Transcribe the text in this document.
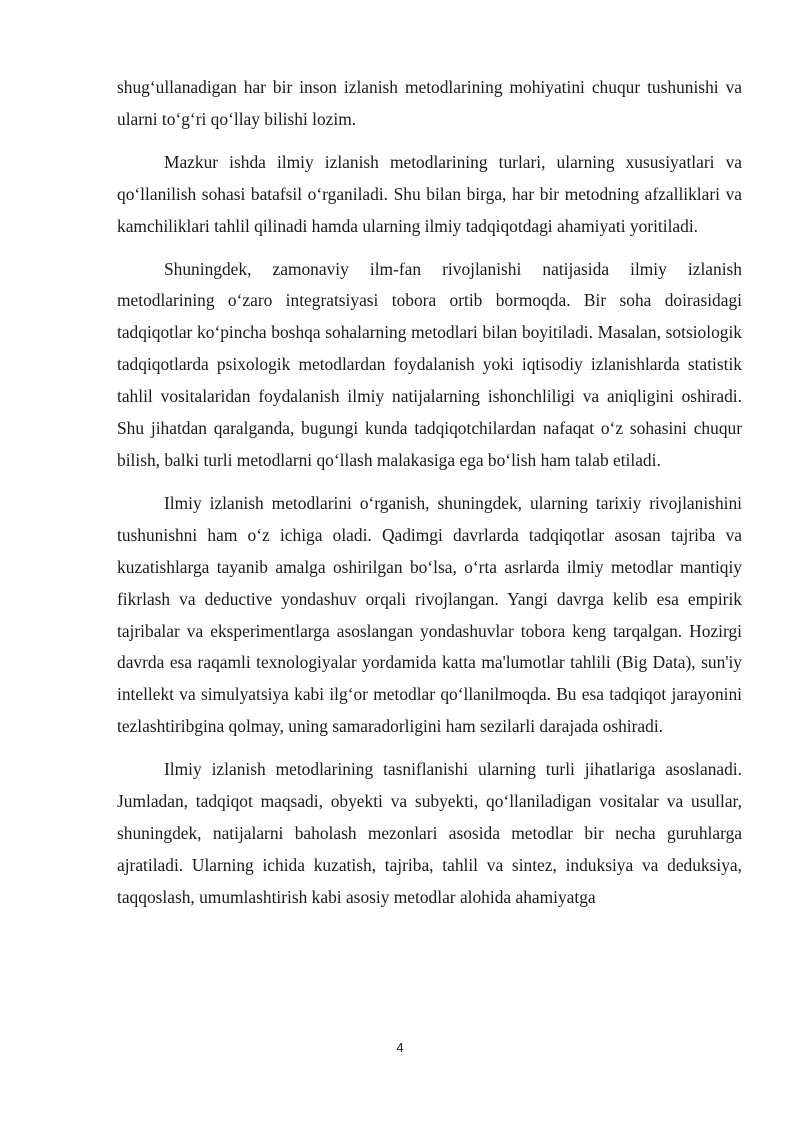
shug‘ullanadigan har bir inson izlanish metodlarining mohiyatini chuqur tushunishi va ularni to‘g‘ri qo‘llay bilishi lozim.

Mazkur ishda ilmiy izlanish metodlarining turlari, ularning xususiyatlari va qo‘llanilish sohasi batafsil o‘rganiladi. Shu bilan birga, har bir metodning afzalliklari va kamchiliklari tahlil qilinadi hamda ularning ilmiy tadqiqotdagi ahamiyati yoritiladi.

Shuningdek, zamonaviy ilm-fan rivojlanishi natijasida ilmiy izlanish metodlarining o‘zaro integratsiyasi tobora ortib bormoqda. Bir soha doirasidagi tadqiqotlar ko‘pincha boshqa sohalarning metodlari bilan boyitiladi. Masalan, sotsiologik tadqiqotlarda psixologik metodlardan foydalanish yoki iqtisodiy izlanishlarda statistik tahlil vositalaridan foydalanish ilmiy natijalarning ishonchliligi va aniqligini oshiradi. Shu jihatdan qaralganda, bugungi kunda tadqiqotchilardan nafaqat o‘z sohasini chuqur bilish, balki turli metodlarni qo‘llash malakasiga ega bo‘lish ham talab etiladi.

Ilmiy izlanish metodlarini o‘rganish, shuningdek, ularning tarixiy rivojlanishini tushunishni ham o‘z ichiga oladi. Qadimgi davrlarda tadqiqotlar asosan tajriba va kuzatishlarga tayanib amalga oshirilgan bo‘lsa, o‘rta asrlarda ilmiy metodlar mantiqiy fikrlash va deductive yondashuv orqali rivojlangan. Yangi davrga kelib esa empirik tajribalar va eksperimentlarga asoslangan yondashuvlar tobora keng tarqalgan. Hozirgi davrda esa raqamli texnologiyalar yordamida katta ma'lumotlar tahlili (Big Data), sun'iy intellekt va simulyatsiya kabi ilg‘or metodlar qo‘llanilmoqda. Bu esa tadqiqot jarayonini tezlashtiribgina qolmay, uning samaradorligini ham sezilarli darajada oshiradi.

Ilmiy izlanish metodlarining tasniflanishi ularning turli jihatlariga asoslanadi. Jumladan, tadqiqot maqsadi, obyekti va subyekti, qo‘llaniladigan vositalar va usullar, shuningdek, natijalarni baholash mezonlari asosida metodlar bir necha guruhlarga ajratiladi. Ularning ichida kuzatish, tajriba, tahlil va sintez, induksiya va deduksiya, taqqoslash, umumlashtirish kabi asosiy metodlar alohida ahamiyatga

4
